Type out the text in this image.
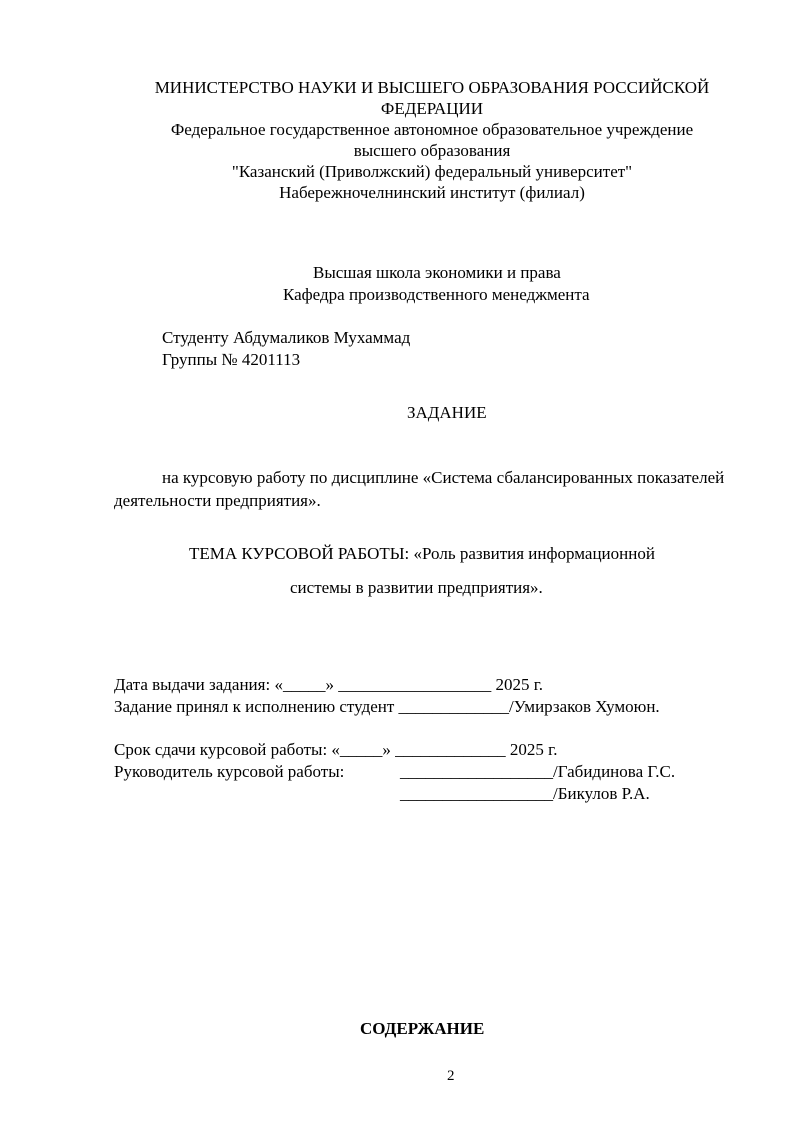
МИНИСТЕРСТВО НАУКИ И ВЫСШЕГО ОБРАЗОВАНИЯ РОССИЙСКОЙ
ФЕДЕРАЦИИ
Федеральное государственное автономное образовательное учреждение
высшего образования
"Казанский (Приволжский) федеральный университет"
Набережночелнинский институт (филиал)
Высшая школа экономики и права
Кафедра производственного менеджмента
Студенту Абдумаликов Мухаммад
Группы № 4201113
ЗАДАНИЕ
на курсовую работу по дисциплине «Система сбалансированных показателей
деятельности предприятия».
ТЕМА КУРСОВОЙ РАБОТЫ: «Роль развития информационной
системы в развитии предприятия».
Дата выдачи задания: «_____» __________________ 2025 г.
Задание принял к исполнению студент _____________/Умирзаков Хумоюн.
Срок сдачи курсовой работы: «_____» _____________ 2025 г.
Руководитель курсовой работы:	__________________/Габидинова Г.С.
__________________/Бикулов Р.А.
СОДЕРЖАНИЕ
2
